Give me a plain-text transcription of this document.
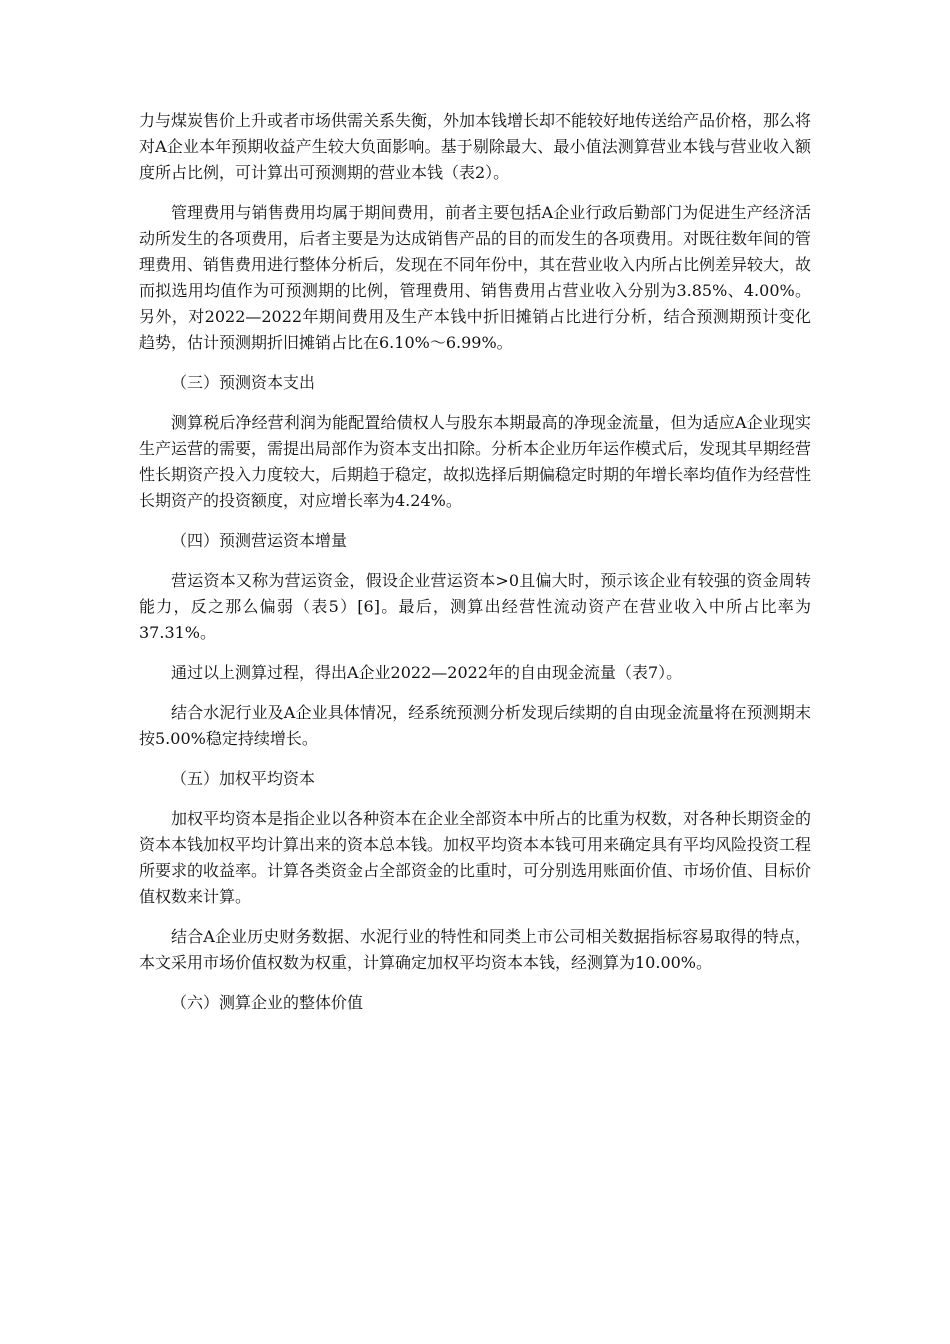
力与煤炭售价上升或者市场供需关系失衡，外加本钱增长却不能较好地传送给产品价格，那么将对A企业本年预期收益产生较大负面影响。基于剔除最大、最小值法测算营业本钱与营业收入额度所占比例，可计算出可预测期的营业本钱（表2）。

管理费用与销售费用均属于期间费用，前者主要包括A企业行政后勤部门为促进生产经济活动所发生的各项费用，后者主要是为达成销售产品的目的而发生的各项费用。对既往数年间的管理费用、销售费用进行整体分析后，发现在不同年份中，其在营业收入内所占比例差异较大，故而拟选用均值作为可预测期的比例，管理费用、销售费用占营业收入分别为3.85%、4.00%。另外，对2022—2022年期间费用及生产本钱中折旧摊销占比进行分析，结合预测期预计变化趋势，估计预测期折旧摊销占比在6.10%～6.99%。

（三）预测资本支出

测算税后净经营利润为能配置给债权人与股东本期最高的净现金流量，但为适应A企业现实生产运营的需要，需提出局部作为资本支出扣除。分析本企业历年运作模式后，发现其早期经营性长期资产投入力度较大，后期趋于稳定，故拟选择后期偏稳定时期的年增长率均值作为经营性长期资产的投资额度，对应增长率为4.24%。

（四）预测营运资本增量

营运资本又称为营运资金，假设企业营运资本>0且偏大时，预示该企业有较强的资金周转能力，反之那么偏弱（表5）[6]。最后，测算出经营性流动资产在营业收入中所占比率为37.31%。

通过以上测算过程，得出A企业2022—2022年的自由现金流量（表7）。

结合水泥行业及A企业具体情况，经系统预测分析发现后续期的自由现金流量将在预测期末按5.00%稳定持续增长。

（五）加权平均资本

加权平均资本是指企业以各种资本在企业全部资本中所占的比重为权数，对各种长期资金的资本本钱加权平均计算出来的资本总本钱。加权平均资本本钱可用来确定具有平均风险投资工程所要求的收益率。计算各类资金占全部资金的比重时，可分别选用账面价值、市场价值、目标价值权数来计算。

结合A企业历史财务数据、水泥行业的特性和同类上市公司相关数据指标容易取得的特点，本文采用市场价值权数为权重，计算确定加权平均资本本钱，经测算为10.00%。

（六）测算企业的整体价值
